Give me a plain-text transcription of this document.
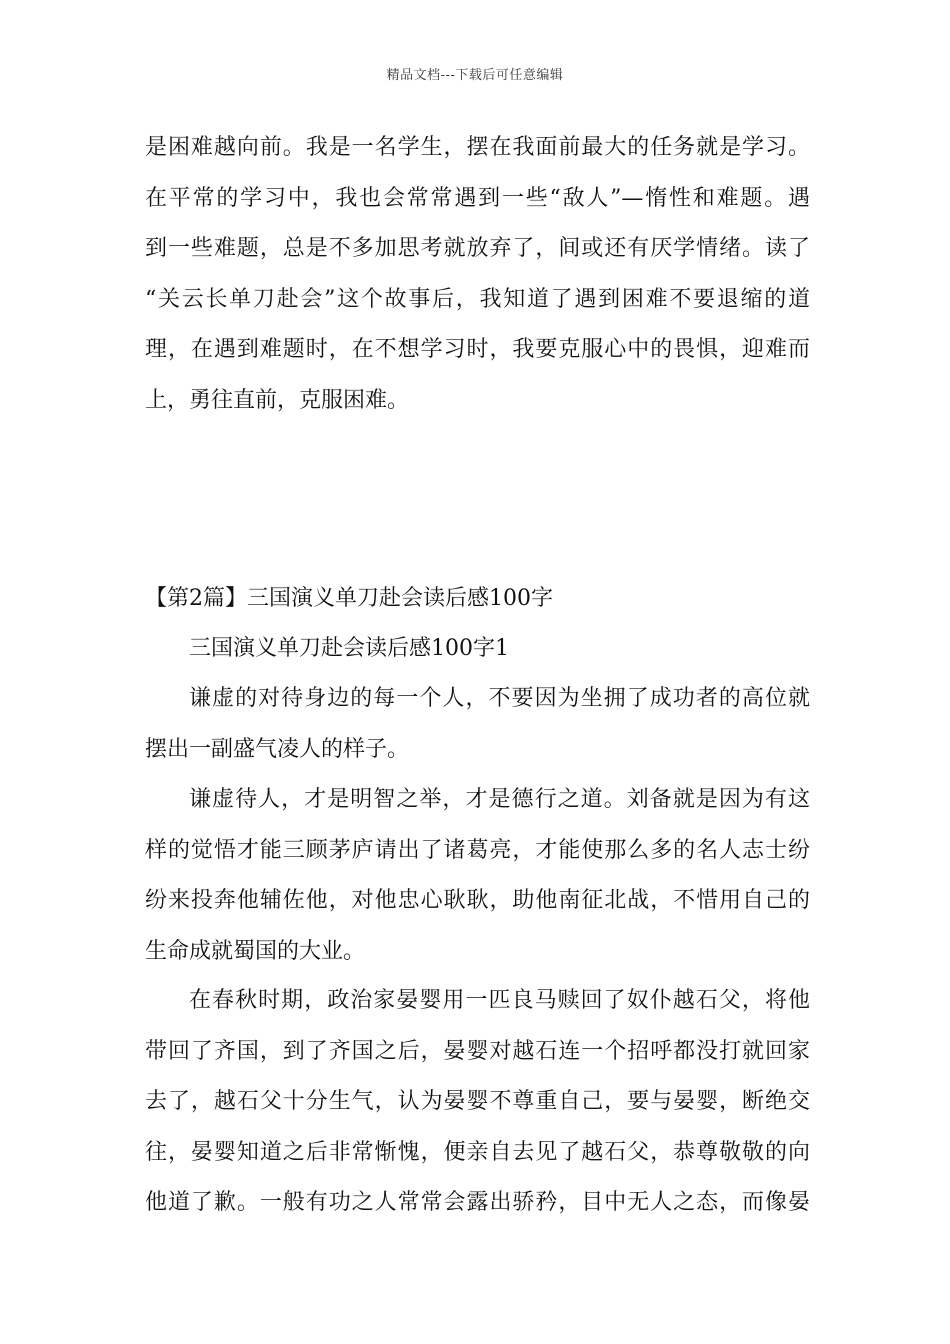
精品文档---下载后可任意编辑
是困难越向前。我是一名学生，摆在我面前最大的任务就是学习。
在平常的学习中，我也会常常遇到一些“敌人”—惰性和难题。遇
到一些难题，总是不多加思考就放弃了，间或还有厌学情绪。读了
“关云长单刀赴会”这个故事后，我知道了遇到困难不要退缩的道
理，在遇到难题时，在不想学习时，我要克服心中的畏惧，迎难而
上，勇往直前，克服困难。
【第2篇】三国演义单刀赴会读后感100字
三国演义单刀赴会读后感100字1
谦虚的对待身边的每一个人，不要因为坐拥了成功者的高位就
摆出一副盛气凌人的样子。
谦虚待人，才是明智之举，才是德行之道。刘备就是因为有这
样的觉悟才能三顾茅庐请出了诸葛亮，才能使那么多的名人志士纷
纷来投奔他辅佐他，对他忠心耿耿，助他南征北战，不惜用自己的
生命成就蜀国的大业。
在春秋时期，政治家晏婴用一匹良马赎回了奴仆越石父，将他
带回了齐国，到了齐国之后，晏婴对越石连一个招呼都没打就回家
去了，越石父十分生气，认为晏婴不尊重自己，要与晏婴，断绝交
往，晏婴知道之后非常惭愧，便亲自去见了越石父，恭尊敬敬的向
他道了歉。一般有功之人常常会露出骄矜，目中无人之态，而像晏
